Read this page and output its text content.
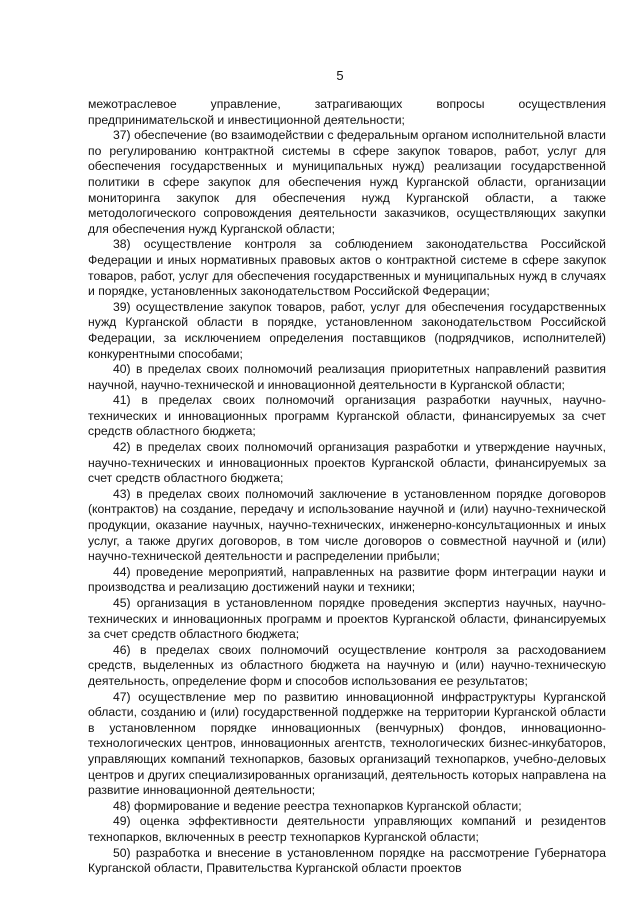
5

межотраслевое управление, затрагивающих вопросы осуществления предпринимательской и инвестиционной деятельности;

37) обеспечение (во взаимодействии с федеральным органом исполнительной власти по регулированию контрактной системы в сфере закупок товаров, работ, услуг для обеспечения государственных и муниципальных нужд) реализации государственной политики в сфере закупок для обеспечения нужд Курганской области, организации мониторинга закупок для обеспечения нужд Курганской области, а также методологического сопровождения деятельности заказчиков, осуществляющих закупки для обеспечения нужд Курганской области;

38) осуществление контроля за соблюдением законодательства Российской Федерации и иных нормативных правовых актов о контрактной системе в сфере закупок товаров, работ, услуг для обеспечения государственных и муниципальных нужд в случаях и порядке, установленных законодательством Российской Федерации;

39) осуществление закупок товаров, работ, услуг для обеспечения государственных нужд Курганской области в порядке, установленном законодательством Российской Федерации, за исключением определения поставщиков (подрядчиков, исполнителей) конкурентными способами;

40) в пределах своих полномочий реализация приоритетных направлений развития научной, научно-технической и инновационной деятельности в Курганской области;

41) в пределах своих полномочий организация разработки научных, научно-технических и инновационных программ Курганской области, финансируемых за счет средств областного бюджета;

42) в пределах своих полномочий организация разработки и утверждение научных, научно-технических и инновационных проектов Курганской области, финансируемых за счет средств областного бюджета;

43) в пределах своих полномочий заключение в установленном порядке договоров (контрактов) на создание, передачу и использование научной и (или) научно-технической продукции, оказание научных, научно-технических, инженерно-консультационных и иных услуг, а также других договоров, в том числе договоров о совместной научной и (или) научно-технической деятельности и распределении прибыли;

44) проведение мероприятий, направленных на развитие форм интеграции науки и производства и реализацию достижений науки и техники;

45) организация в установленном порядке проведения экспертиз научных, научно-технических и инновационных программ и проектов Курганской области, финансируемых за счет средств областного бюджета;

46) в пределах своих полномочий осуществление контроля за расходованием средств, выделенных из областного бюджета на научную и (или) научно-техническую деятельность, определение форм и способов использования ее результатов;

47) осуществление мер по развитию инновационной инфраструктуры Курганской области, созданию и (или) государственной поддержке на территории Курганской области в установленном порядке инновационных (венчурных) фондов, инновационно-технологических центров, инновационных агентств, технологических бизнес-инкубаторов, управляющих компаний технопарков, базовых организаций технопарков, учебно-деловых центров и других специализированных организаций, деятельность которых направлена на развитие инновационной деятельности;

48) формирование и ведение реестра технопарков Курганской области;

49) оценка эффективности деятельности управляющих компаний и резидентов технопарков, включенных в реестр технопарков Курганской области;

50) разработка и внесение в установленном порядке на рассмотрение Губернатора Курганской области, Правительства Курганской области проектов
